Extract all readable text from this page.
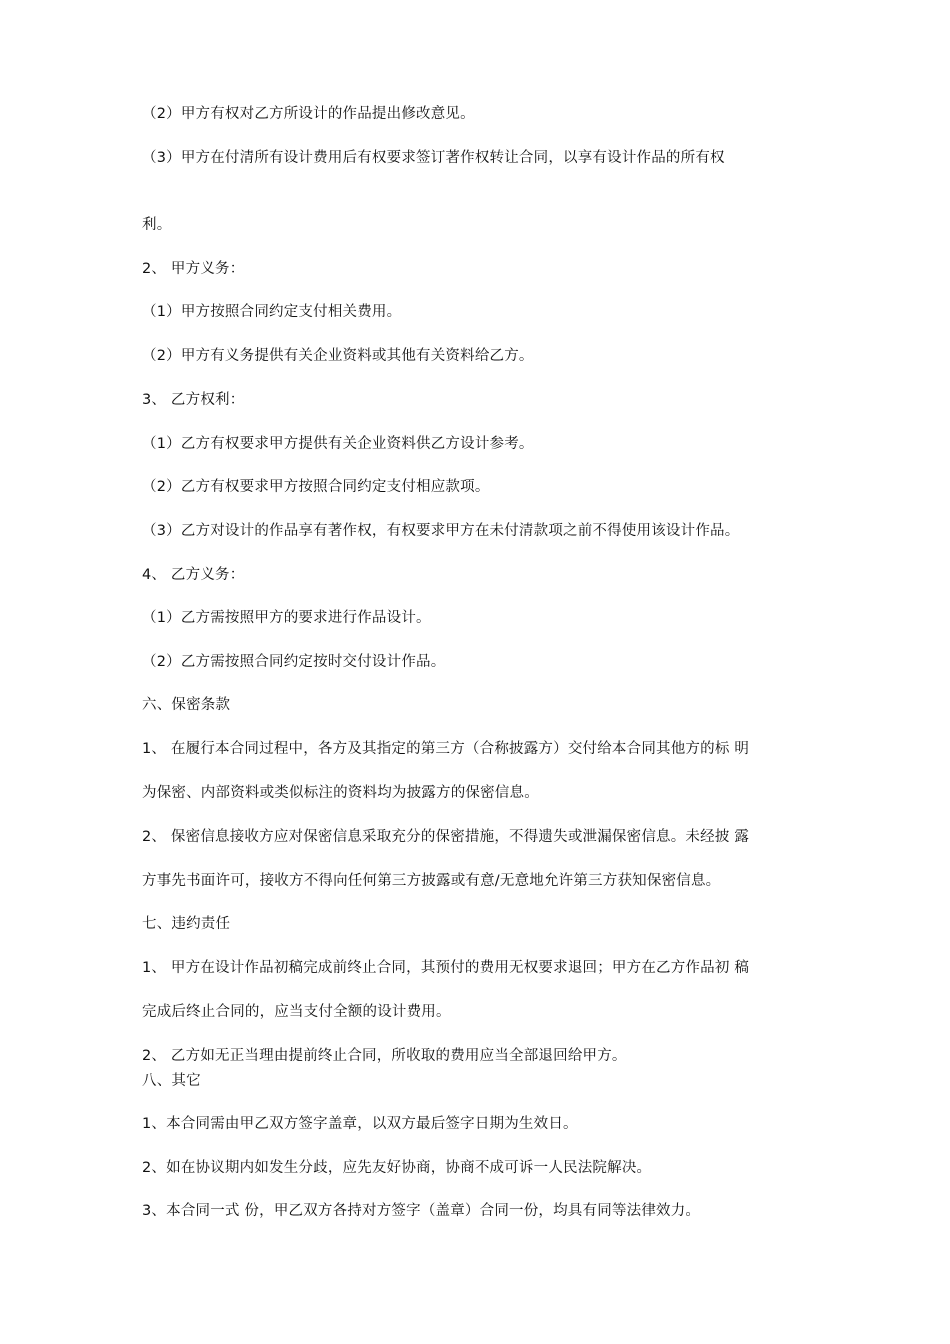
（2）甲方有权对乙方所设计的作品提出修改意见。

（3）甲方在付清所有设计费用后有权要求签订著作权转让合同，以享有设计作品的所有权

利。

2、 甲方义务：

（1）甲方按照合同约定支付相关费用。

（2）甲方有义务提供有关企业资料或其他有关资料给乙方。

3、 乙方权利：

（1）乙方有权要求甲方提供有关企业资料供乙方设计参考。

（2）乙方有权要求甲方按照合同约定支付相应款项。

（3）乙方对设计的作品享有著作权，有权要求甲方在未付清款项之前不得使用该设计作品。

4、 乙方义务：

（1）乙方需按照甲方的要求进行作品设计。

（2）乙方需按照合同约定按时交付设计作品。

六、保密条款

1、 在履行本合同过程中，各方及其指定的第三方（合称披露方）交付给本合同其他方的标 明

为保密、内部资料或类似标注的资料均为披露方的保密信息。

2、 保密信息接收方应对保密信息采取充分的保密措施，不得遗失或泄漏保密信息。未经披 露

方事先书面许可，接收方不得向任何第三方披露或有意/无意地允许第三方获知保密信息。

七、违约责任

1、 甲方在设计作品初稿完成前终止合同，其预付的费用无权要求退回；甲方在乙方作品初 稿

完成后终止合同的，应当支付全额的设计费用。

2、 乙方如无正当理由提前终止合同，所收取的费用应当全部退回给甲方。

八、其它

1、本合同需由甲乙双方签字盖章，以双方最后签字日期为生效日。

2、如在协议期内如发生分歧，应先友好协商，协商不成可诉一人民法院解决。

3、本合同一式 份，甲乙双方各持对方签字（盖章）合同一份，均具有同等法律效力。
